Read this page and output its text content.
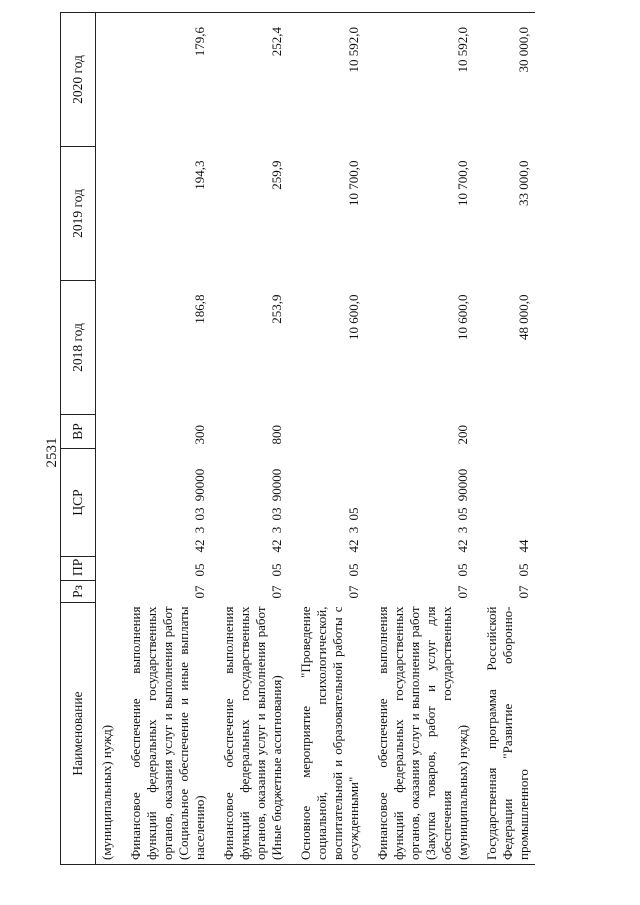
2531
Наименование	Рз	ПР	ЦСР	ВР	2018 год	2019 год	2020 год
(муниципальных) нужд)							
Финансовое обеспечение выполнения функций федеральных государственных органов, оказания услуг и выполнения работ (Социальное обеспечение и иные выплаты населению)	07	05	42 3 03 90000	300	186,8	194,3	179,6
Финансовое обеспечение выполнения функций федеральных государственных органов, оказания услуг и выполнения работ (Иные бюджетные ассигнования)	07	05	42 3 03 90000	800	253,9	259,9	252,4
Основное мероприятие "Проведение социальной, психологической, воспитательной и образовательной работы с осужденными"	07	05	42 3 05		10 600,0	10 700,0	10 592,0
Финансовое обеспечение выполнения функций федеральных государственных органов, оказания услуг и выполнения работ (Закупка товаров, работ и услуг для обеспечения государственных (муниципальных) нужд)	07	05	42 3 05 90000	200	10 600,0	10 700,0	10 592,0
Государственная программа Российской Федерации "Развитие оборонно-промышленного	07	05	44		48 000,0	33 000,0	30 000,0
